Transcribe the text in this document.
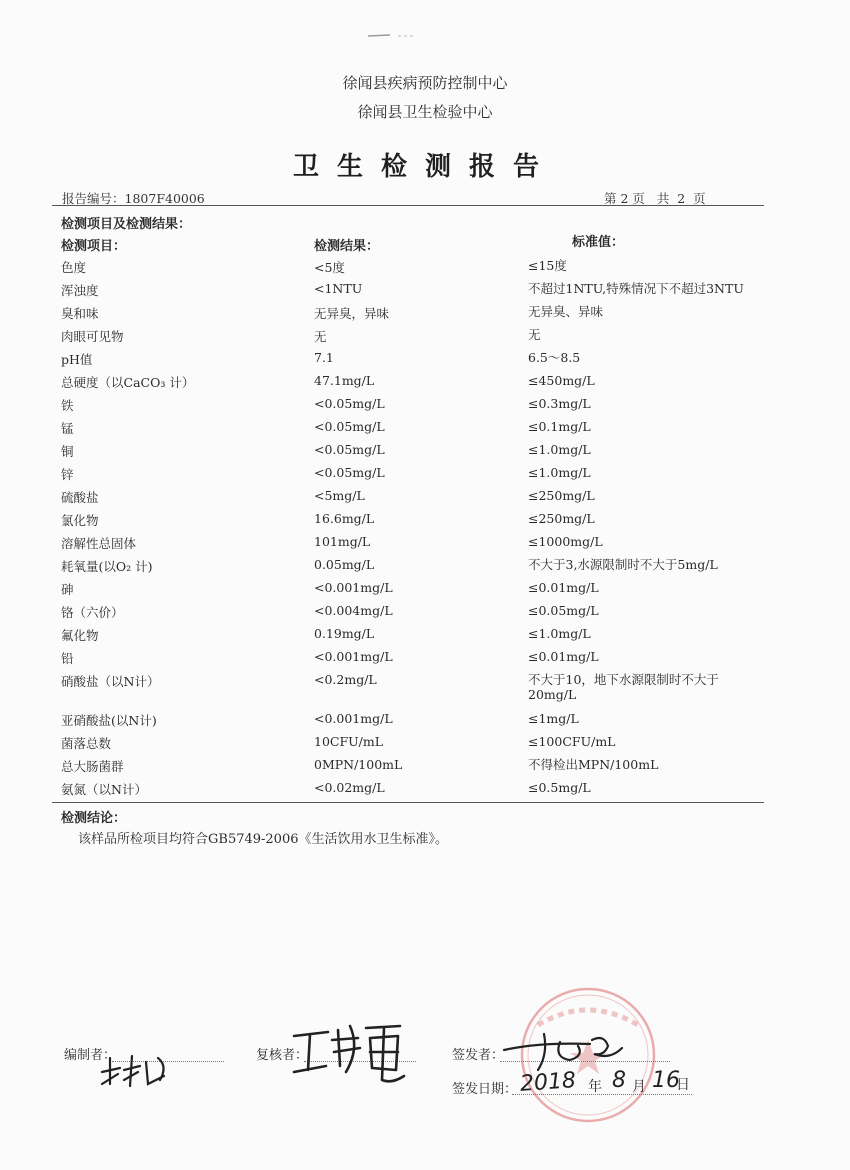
徐闻县疾病预防控制中心
徐闻县卫生检验中心
卫生检测报告
报告编号：1807F40006	第 2 页   共  2  页
检测项目及检测结果：
检测项目：	检测结果：	标准值：
色度	<5度	≤15度
浑浊度	<1NTU	不超过1NTU,特殊情况下不超过3NTU
臭和味	无异臭，异味	无异臭、异味
肉眼可见物	无	无
pH值	7.1	6.5～8.5
总硬度（以CaCO₃ 计）	47.1mg/L	≤450mg/L
铁	<0.05mg/L	≤0.3mg/L
锰	<0.05mg/L	≤0.1mg/L
铜	<0.05mg/L	≤1.0mg/L
锌	<0.05mg/L	≤1.0mg/L
硫酸盐	<5mg/L	≤250mg/L
氯化物	16.6mg/L	≤250mg/L
溶解性总固体	101mg/L	≤1000mg/L
耗氧量(以O₂ 计)	0.05mg/L	不大于3,水源限制时不大于5mg/L
砷	<0.001mg/L	≤0.01mg/L
铬（六价）	<0.004mg/L	≤0.05mg/L
氟化物	0.19mg/L	≤1.0mg/L
铅	<0.001mg/L	≤0.01mg/L
硝酸盐（以N计）	<0.2mg/L	不大于10，地下水源限制时不大于20mg/L
亚硝酸盐(以N计)	<0.001mg/L	≤1mg/L
菌落总数	10CFU/mL	≤100CFU/mL
总大肠菌群	0MPN/100mL	不得检出MPN/100mL
氨氮（以N计）	<0.02mg/L	≤0.5mg/L
检测结论：
该样品所检项目均符合GB5749-2006《生活饮用水卫生标准》。
编制者：	复核者：	签发者：
签发日期： 2018 年 8 月 16
日
